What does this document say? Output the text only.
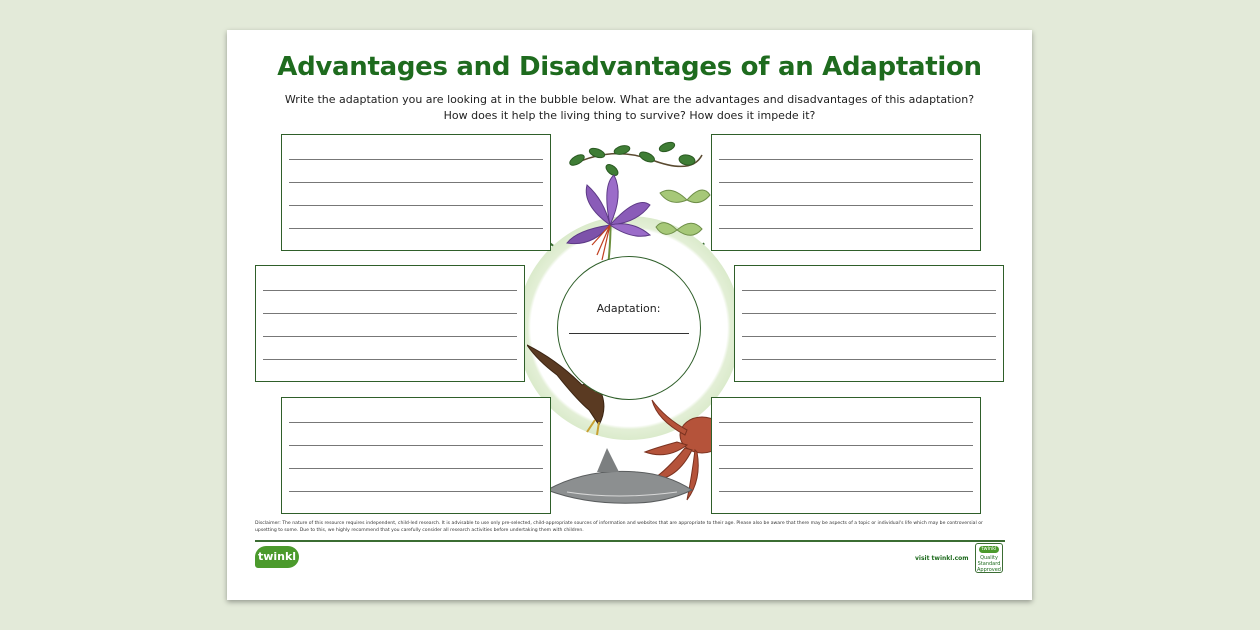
Advantages and Disadvantages of an Adaptation
Write the adaptation you are looking at in the bubble below. What are the advantages and disadvantages of this adaptation?
How does it help the living thing to survive? How does it impede it?
Adaptation:
Disclaimer: The nature of this resource requires independent, child-led research. It is advisable to use only pre-selected, child-appropriate sources of information and websites that are appropriate to their age. Please also be aware that there may be aspects of a topic or individual's life which may be controversial or upsetting to some. Due to this, we highly recommend that you carefully consider all research activities before undertaking them with children.
twinkl	visit twinkl.com
twinkl
Quality Standard Approved
